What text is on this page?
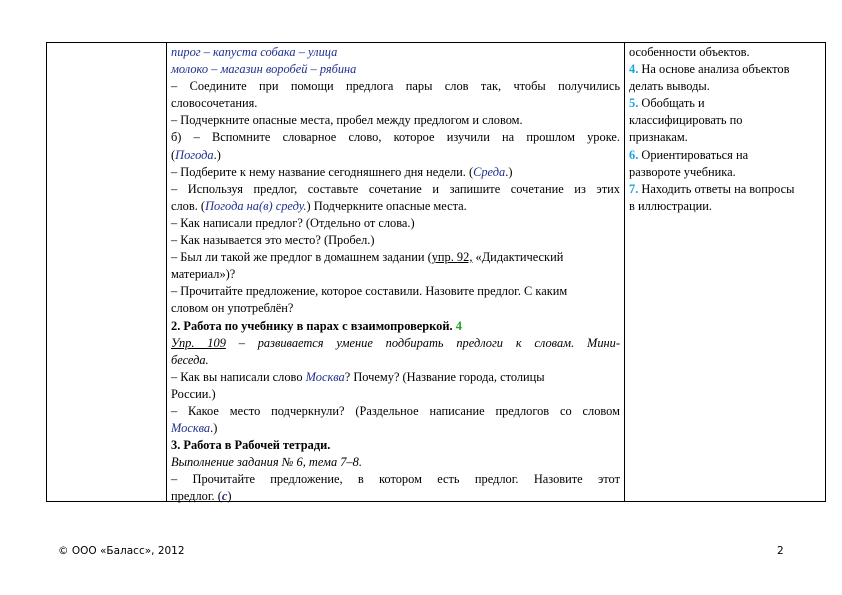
пирог – капуста собака – улица
молоко – магазин воробей – рябина
– Соедините при помощи предлога пары слов так, чтобы получились
словосочетания.
– Подчеркните опасные места, пробел между предлогом и словом.
б) – Вспомните словарное слово, которое изучили на прошлом уроке.
(Погода.)
– Подберите к нему название сегодняшнего дня недели. (Среда.)
– Используя предлог, составьте сочетание и запишите сочетание из этих
слов. (Погода на(в) среду.) Подчеркните опасные места.
– Как написали предлог? (Отдельно от слова.)
– Как называется это место? (Пробел.)
– Был ли такой же предлог в домашнем задании (упр. 92, «Дидактический
материал»)?
– Прочитайте предложение, которое составили. Назовите предлог. С каким
словом он употреблён?
2. Работа по учебнику в парах с взаимопроверкой. 4
Упр. 109 – развивается умение подбирать предлоги к словам. Мини-
беседа.
– Как вы написали слово Москва? Почему? (Название города, столицы
России.)
– Какое место подчеркнули? (Раздельное написание предлогов со словом
Москва.)
3. Работа в Рабочей тетради.
Выполнение задания № 6, тема 7–8.
– Прочитайте предложение, в котором есть предлог. Назовите этот
предлог. (с)
особенности объектов.
4. На основе анализа объектов
делать выводы.
5. Обобщать и
классифицировать по
признакам.
6. Ориентироваться на
развороте учебника.
7. Находить ответы на вопросы
в иллюстрации.
© ООО «Баласс», 2012	2
